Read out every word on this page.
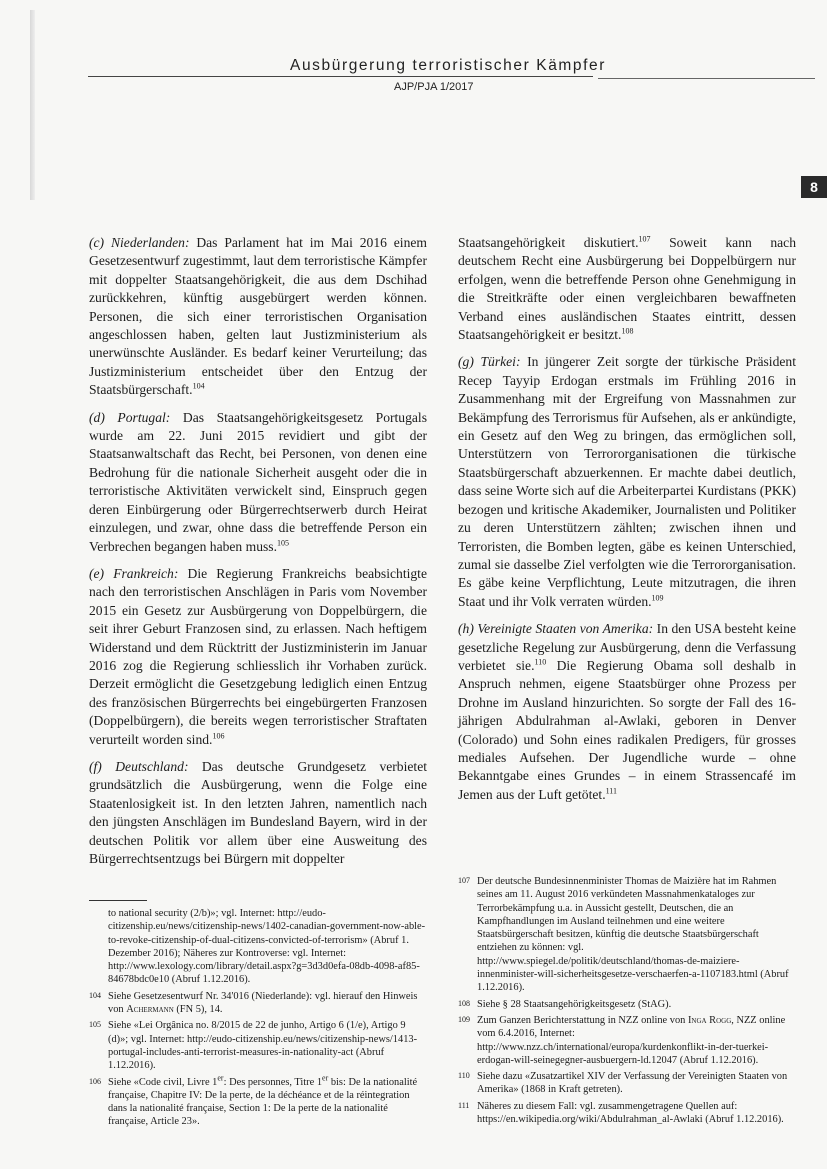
Ausbürgerung terroristischer Kämpfer
AJP/PJA 1/2017
8

(c) Niederlanden: Das Parlament hat im Mai 2016 einem Gesetzesentwurf zugestimmt, laut dem terroristische Kämpfer mit doppelter Staatsangehörigkeit, die aus dem Dschihad zurückkehren, künftig ausgebürgert werden können. Personen, die sich einer terroristischen Organisation angeschlossen haben, gelten laut Justizministerium als unerwünschte Ausländer. Es bedarf keiner Verurteilung; das Justizministerium entscheidet über den Entzug der Staatsbürgerschaft.$^{104}$

(d) Portugal: Das Staatsangehörigkeitsgesetz Portugals wurde am 22. Juni 2015 revidiert und gibt der Staatsanwaltschaft das Recht, bei Personen, von denen eine Bedrohung für die nationale Sicherheit ausgeht oder die in terroristische Aktivitäten verwickelt sind, Einspruch gegen deren Einbürgerung oder Bürgerrechtserwerb durch Heirat einzulegen, und zwar, ohne dass die betreffende Person ein Verbrechen begangen haben muss.$^{105}$

(e) Frankreich: Die Regierung Frankreichs beabsichtigte nach den terroristischen Anschlägen in Paris vom November 2015 ein Gesetz zur Ausbürgerung von Doppelbürgern, die seit ihrer Geburt Franzosen sind, zu erlassen. Nach heftigem Widerstand und dem Rücktritt der Justizministerin im Januar 2016 zog die Regierung schliesslich ihr Vorhaben zurück. Derzeit ermöglicht die Gesetzgebung lediglich einen Entzug des französischen Bürgerrechts bei eingebürgerten Franzosen (Doppelbürgern), die bereits wegen terroristischer Straftaten verurteilt worden sind.$^{106}$

(f) Deutschland: Das deutsche Grundgesetz verbietet grundsätzlich die Ausbürgerung, wenn die Folge eine Staatenlosigkeit ist. In den letzten Jahren, namentlich nach den jüngsten Anschlägen im Bundesland Bayern, wird in der deutschen Politik vor allem über eine Ausweitung des Bürgerrechtsentzugs bei Bürgern mit doppelter

Staatsangehörigkeit diskutiert.$^{107}$ Soweit kann nach deutschem Recht eine Ausbürgerung bei Doppelbürgern nur erfolgen, wenn die betreffende Person ohne Genehmigung in die Streitkräfte oder einen vergleichbaren bewaffneten Verband eines ausländischen Staates eintritt, dessen Staatsangehörigkeit er besitzt.$^{108}$

(g) Türkei: In jüngerer Zeit sorgte der türkische Präsident Recep Tayyip Erdogan erstmals im Frühling 2016 in Zusammenhang mit der Ergreifung von Massnahmen zur Bekämpfung des Terrorismus für Aufsehen, als er ankündigte, ein Gesetz auf den Weg zu bringen, das ermöglichen soll, Unterstützern von Terrororganisationen die türkische Staatsbürgerschaft abzuerkennen. Er machte dabei deutlich, dass seine Worte sich auf die Arbeiterpartei Kurdistans (PKK) bezogen und kritische Akademiker, Journalisten und Politiker zu deren Unterstützern zählten; zwischen ihnen und Terroristen, die Bomben legten, gäbe es keinen Unterschied, zumal sie dasselbe Ziel verfolgten wie die Terrororganisation. Es gäbe keine Verpflichtung, Leute mitzutragen, die ihren Staat und ihr Volk verraten würden.$^{109}$

(h) Vereinigte Staaten von Amerika: In den USA besteht keine gesetzliche Regelung zur Ausbürgerung, denn die Verfassung verbietet sie.$^{110}$ Die Regierung Obama soll deshalb in Anspruch nehmen, eigene Staatsbürger ohne Prozess per Drohne im Ausland hinzurichten. So sorgte der Fall des 16-jährigen Abdulrahman al-Awlaki, geboren in Denver (Colorado) und Sohn eines radikalen Predigers, für grosses mediales Aufsehen. Der Jugendliche wurde – ohne Bekanntgabe eines Grundes – in einem Strassencafé im Jemen aus der Luft getötet.$^{111}$

to national security (2/b)»; vgl. Internet: http://eudo-citizenship.eu/news/citizenship-news/1402-canadian-government-now-able-to-revoke-citizenship-of-dual-citizens-convicted-of-terrorism» (Abruf 1. Dezember 2016); Näheres zur Kontroverse: vgl. Internet: http://www.lexology.com/library/detail.aspx?g=3d3d0efa-08db-4098-af85-84678bdc0e10 (Abruf 1.12.2016).
104 Siehe Gesetzesentwurf Nr. 34'016 (Niederlande): vgl. hierauf den Hinweis von Achermann (FN 5), 14.
105 Siehe «Lei Orgânica no. 8/2015 de 22 de junho, Artigo 6 (1/e), Artigo 9 (d)»; vgl. Internet: http://eudo-citizenship.eu/news/citizenship-news/1413-portugal-includes-anti-terrorist-measures-in-nationality-act (Abruf 1.12.2016).
106 Siehe «Code civil, Livre 1er: Des personnes, Titre 1er bis: De la nationalité française, Chapitre IV: De la perte, de la déchéance et de la réintegration dans la nationalité française, Section 1: De la perte de la nationalité française, Article 23».
107 Der deutsche Bundesinnenminister Thomas de Maizière hat im Rahmen seines am 11. August 2016 verkündeten Massnahmenkataloges zur Terrorbekämpfung u.a. in Aussicht gestellt, Deutschen, die an Kampfhandlungen im Ausland teilnehmen und eine weitere Staatsbürgerschaft besitzen, künftig die deutsche Staatsbürgerschaft entziehen zu können: vgl. http://www.spiegel.de/politik/deutschland/thomas-de-maiziere-innenminister-will-sicherheitsgesetze-verschaerfen-a-1107183.html (Abruf 1.12.2016).
108 Siehe § 28 Staatsangehörigkeitsgesetz (StAG).
109 Zum Ganzen Berichterstattung in NZZ online von Inga Rogg, NZZ online vom 6.4.2016, Internet: http://www.nzz.ch/international/europa/kurdenkonflikt-in-der-tuerkei-erdogan-will-seinegegner-ausbuergern-ld.12047 (Abruf 1.12.2016).
110 Siehe dazu «Zusatzartikel XIV der Verfassung der Vereinigten Staaten von Amerika» (1868 in Kraft getreten).
111 Näheres zu diesem Fall: vgl. zusammengetragene Quellen auf: https://en.wikipedia.org/wiki/Abdulrahman_al-Awlaki (Abruf 1.12.2016).
